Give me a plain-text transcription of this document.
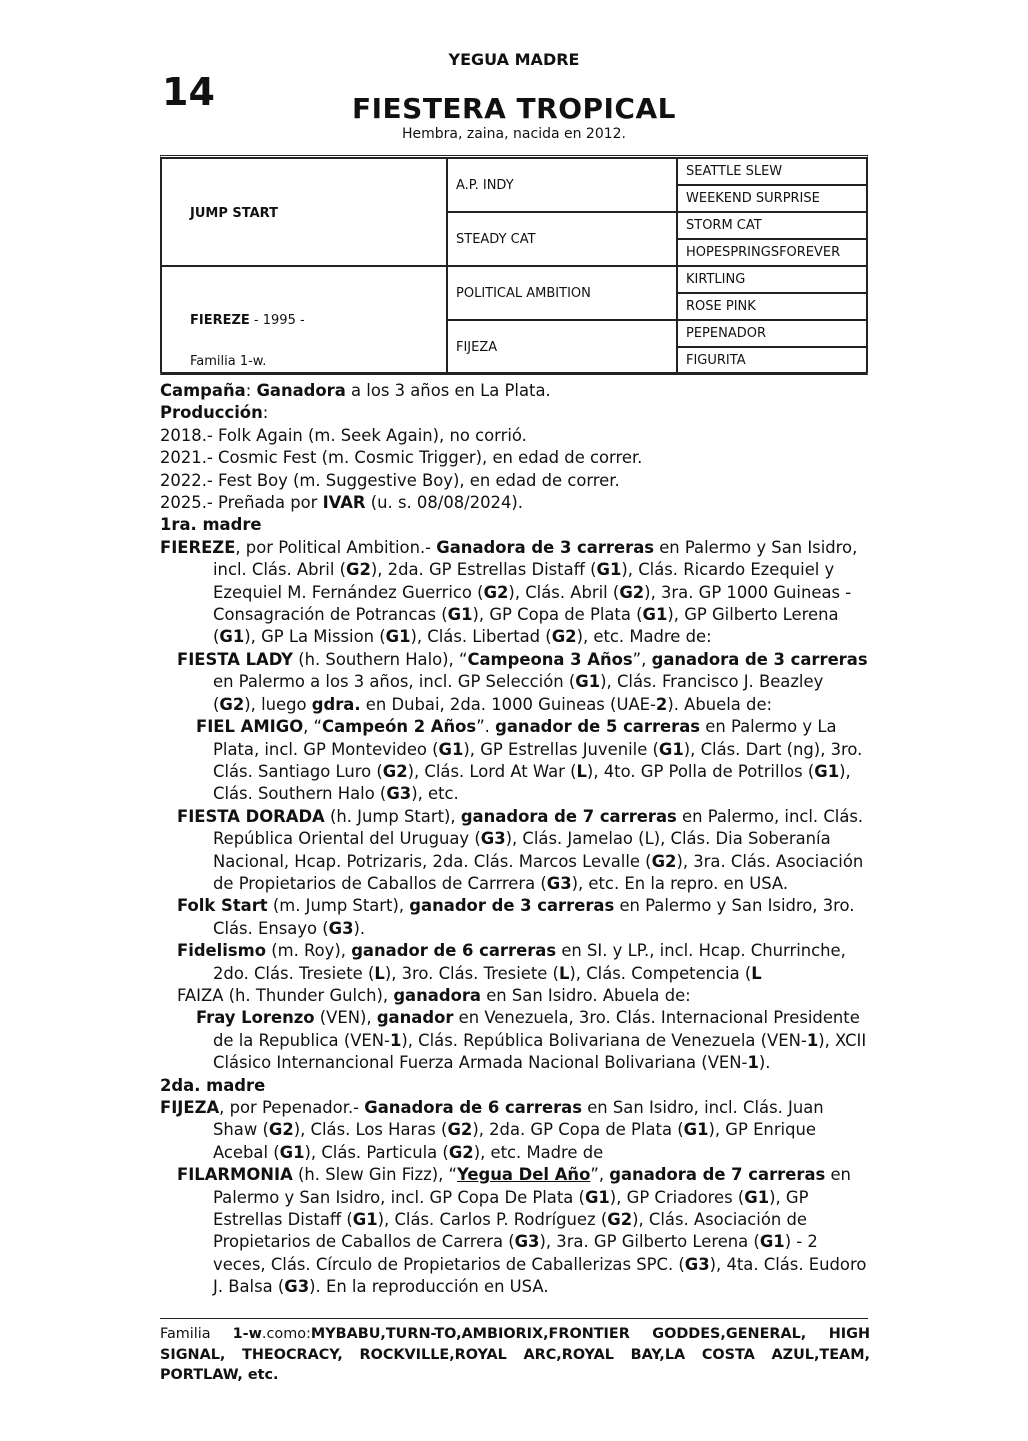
14
YEGUA MADRE
FIESTERA TROPICAL
Hembra, zaina, nacida en 2012.
JUMP START
FIEREZE - 1995 -
Familia 1-w.
A.P. INDY
STEADY CAT
POLITICAL AMBITION
FIJEZA
SEATTLE SLEW
WEEKEND SURPRISE
STORM CAT
HOPESPRINGSFOREVER
KIRTLING
ROSE PINK
PEPENADOR
FIGURITA

Campaña: Ganadora a los 3 años en La Plata.

Producción:

2018.- Folk Again (m. Seek Again), no corrió.

2021.- Cosmic Fest (m. Cosmic Trigger), en edad de correr.

2022.- Fest Boy (m. Suggestive Boy), en edad de correr.

2025.- Preñada por IVAR (u. s. 08/08/2024).

1ra. madre

FIEREZE, por Political Ambition.- Ganadora de 3 carreras en Palermo y San Isidro, incl. Clás. Abril (G2), 2da. GP Estrellas Distaff (G1), Clás. Ricardo Ezequiel y Ezequiel M. Fernández Guerrico (G2), Clás. Abril (G2), 3ra. GP 1000 Guineas - Consagración de Potrancas (G1), GP Copa de Plata (G1), GP Gilberto Lerena (G1), GP La Mission (G1), Clás. Libertad (G2), etc. Madre de:

FIESTA LADY (h. Southern Halo), “Campeona 3 Años”, ganadora de 3 carreras en Palermo a los 3 años, incl. GP Selección (G1), Clás. Francisco J. Beazley (G2), luego gdra. en Dubai, 2da. 1000 Guineas (UAE-2). Abuela de:
FIEL AMIGO, “Campeón 2 Años”. ganador de 5 carreras en Palermo y La Plata, incl. GP Montevideo (G1), GP Estrellas Juvenile (G1), Clás. Dart (ng), 3ro. Clás. Santiago Luro (G2), Clás. Lord At War (L), 4to. GP Polla de Potrillos (G1), Clás. Southern Halo (G3), etc.
FIESTA DORADA (h. Jump Start), ganadora de 7 carreras en Palermo, incl. Clás. República Oriental del Uruguay (G3), Clás. Jamelao (L), Clás. Dia Soberanía Nacional, Hcap. Potrizaris, 2da. Clás. Marcos Levalle (G2), 3ra. Clás. Asociación de Propietarios de Caballos de Carrrera (G3), etc. En la repro. en USA.
Folk Start (m. Jump Start), ganador de 3 carreras en Palermo y San Isidro, 3ro. Clás. Ensayo (G3).
Fidelismo (m. Roy), ganador de 6 carreras en SI. y LP., incl. Hcap. Churrinche, 2do. Clás. Tresiete (L), 3ro. Clás. Tresiete (L), Clás. Competencia (L
FAIZA (h. Thunder Gulch), ganadora en San Isidro. Abuela de:
Fray Lorenzo (VEN), ganador en Venezuela, 3ro. Clás. Internacional Presidente de la Republica (VEN-1), Clás. República Bolivariana de Venezuela (VEN-1), XCII Clásico Internancional Fuerza Armada Nacional Bolivariana (VEN-1).

2da. madre

FIJEZA, por Pepenador.- Ganadora de 6 carreras en San Isidro, incl. Clás. Juan Shaw (G2), Clás. Los Haras (G2), 2da. GP Copa de Plata (G1), GP Enrique Acebal (G1), Clás. Particula (G2), etc. Madre de

FILARMONIA (h. Slew Gin Fizz), “Yegua Del Año”, ganadora de 7 carreras en Palermo y San Isidro, incl. GP Copa De Plata (G1), GP Criadores (G1), GP Estrellas Distaff (G1), Clás. Carlos P. Rodríguez (G2), Clás. Asociación de Propietarios de Caballos de Carrera (G3), 3ra. GP Gilberto Lerena (G1) - 2 veces, Clás. Círculo de Propietarios de Caballerizas SPC. (G3), 4ta. Clás. Eudoro J. Balsa (G3). En la reproducción en USA.
Familia 1-w.como:MYBABU,TURN-TO,AMBIORIX,FRONTIER GODDES,GENERAL, HIGH SIGNAL, THEOCRACY, ROCKVILLE,ROYAL ARC,ROYAL BAY,LA COSTA AZUL,TEAM, PORTLAW, etc.
